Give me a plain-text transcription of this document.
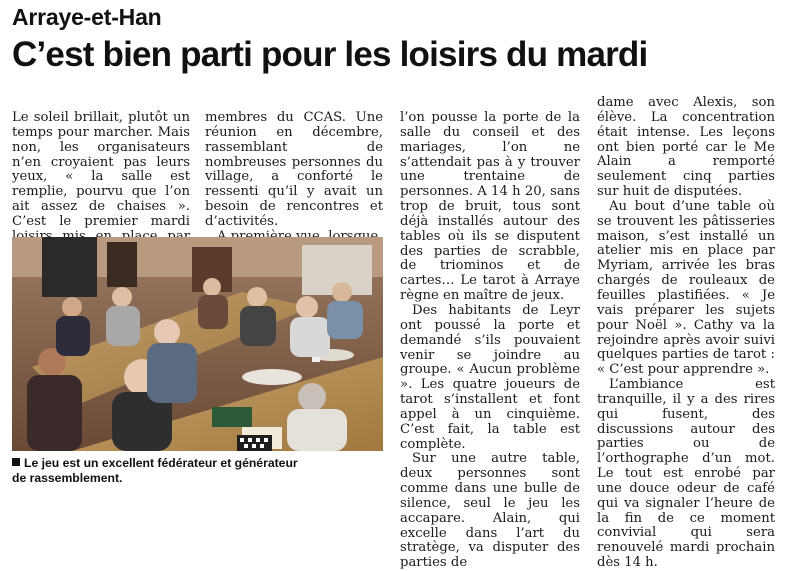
Arraye-et-Han
C’est bien parti pour les loisirs du mardi

Le soleil brillait, plutôt un temps pour marcher. Mais non, les organisateurs n’en croyaient pas leurs yeux, « la salle est remplie, pourvu que l’on ait assez de chaises ». C’est le premier mardi

membres du CCAS. Une réunion en décembre, rassemblant de nombreuses personnes du village, a conforté le ressenti qu’il y avait un besoin de rencontres et d’activités.

l’on pousse la porte de la salle du conseil et des mariages, l’on ne s’attendait pas à y trouver une trentaine de personnes. A 14 h 20, sans trop de bruit, tous sont déjà installés autour des tables où ils se disputent des parties de scrabble, de triominos et de cartes… Le tarot à Arraye règne en maître de jeux.

Des habitants de Leyr ont poussé la porte et demandé s’ils pouvaient venir se joindre au groupe. « Aucun problème ». Les quatre joueurs de tarot s’installent et font appel à un cinquième. C’est fait, la table est complète.

Sur une autre table, deux personnes sont comme dans une bulle de silence, seul le jeu les accapare. Alain, qui excelle dans l’art du stratège, va disputer des parties de

dame avec Alexis, son élève. La concentration était intense. Les leçons ont bien porté car le Me Alain a remporté seulement cinq parties sur huit de disputées.

Au bout d’une table où se trouvent les pâtisseries maison, s’est installé un atelier mis en place par Myriam, arrivée les bras chargés de rouleaux de feuilles plastifiées. « Je vais préparer les sujets pour Noël ». Cathy va la rejoindre après avoir suivi quelques parties de tarot : « C’est pour apprendre ».

L’ambiance est tranquille, il y a des rires qui fusent, des discussions autour des parties ou de l’orthographe d’un mot. Le tout est enrobé par une douce odeur de café qui va signaler l’heure de la fin de ce moment convivial qui sera renouvelé mardi prochain dès 14 h.

Le jeu est un excellent fédérateur et générateur de rassemblement.
